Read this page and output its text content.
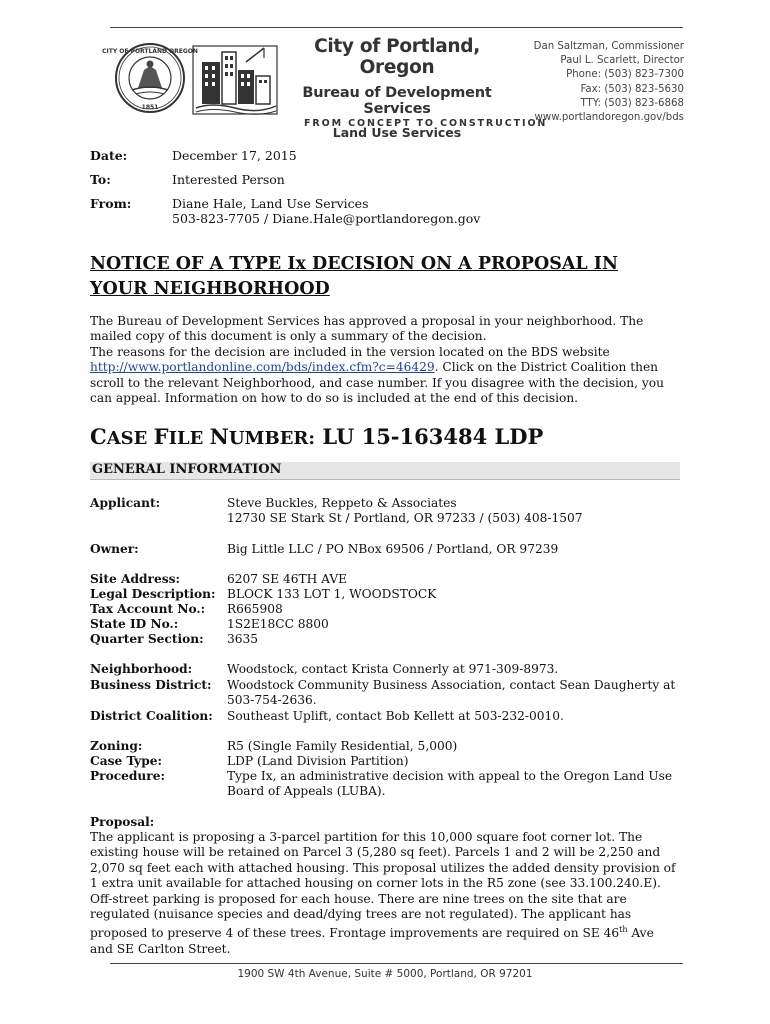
CITY OF PORTLAND OREGON
1851
City of Portland, Oregon
Bureau of Development Services
Land Use Services
FROM CONCEPT TO CONSTRUCTION
Dan Saltzman, Commissioner
Paul L. Scarlett, Director
Phone: (503) 823-7300
Fax: (503) 823-5630
TTY: (503) 823-6868
www.portlandoregon.gov/bds
Date:	December 17, 2015
To:	Interested Person
From:	Diane Hale, Land Use Services
503-823-7705 / Diane.Hale@portlandoregon.gov
NOTICE OF A TYPE Ix DECISION ON A PROPOSAL IN YOUR NEIGHBORHOOD
The Bureau of Development Services has approved a proposal in your neighborhood. The mailed copy of this document is only a summary of the decision.
The reasons for the decision are included in the version located on the BDS website http://www.portlandonline.com/bds/index.cfm?c=46429. Click on the District Coalition then scroll to the relevant Neighborhood, and case number. If you disagree with the decision, you can appeal. Information on how to do so is included at the end of this decision.
CASE FILE NUMBER: LU 15-163484 LDP
GENERAL INFORMATION
Applicant:	Steve Buckles, Reppeto & Associates
12730 SE Stark St / Portland, OR 97233 / (503) 408-1507
Owner:	Big Little LLC / PO NBox 69506 / Portland, OR 97239
Site Address:	6207 SE 46TH AVE
Legal Description: BLOCK 133 LOT 1, WOODSTOCK
Tax Account No.: R665908
State ID No.:	1S2E18CC 8800
Quarter Section: 3635
Neighborhood:	Woodstock, contact Krista Connerly at 971-309-8973.
Business District: Woodstock Community Business Association, contact Sean Daugherty at 503-754-2636.
District Coalition: Southeast Uplift, contact Bob Kellett at 503-232-0010.
Zoning:	R5 (Single Family Residential, 5,000)
Case Type:	LDP (Land Division Partition)
Procedure:	Type Ix, an administrative decision with appeal to the Oregon Land Use Board of Appeals (LUBA).
Proposal:
The applicant is proposing a 3-parcel partition for this 10,000 square foot corner lot. The existing house will be retained on Parcel 3 (5,280 sq feet). Parcels 1 and 2 will be 2,250 and 2,070 sq feet each with attached housing. This proposal utilizes the added density provision of 1 extra unit available for attached housing on corner lots in the R5 zone (see 33.100.240.E). Off-street parking is proposed for each house. There are nine trees on the site that are regulated (nuisance species and dead/dying trees are not regulated). The applicant has proposed to preserve 4 of these trees. Frontage improvements are required on SE 46th Ave and SE Carlton Street.
1900 SW 4th Avenue, Suite # 5000, Portland, OR 97201
